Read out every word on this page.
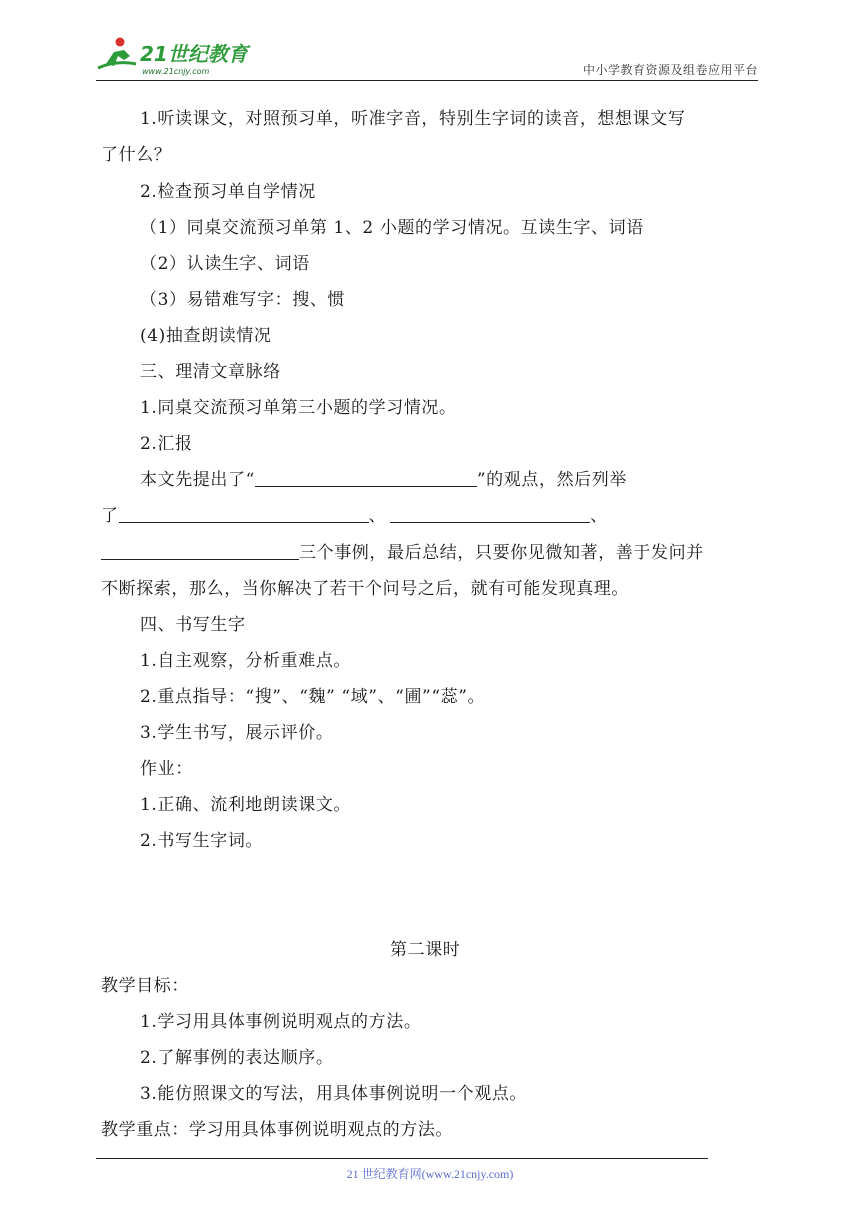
21世纪教育
www.21cnjy.com	中小学教育资源及组卷应用平台
1.听读课文，对照预习单，听准字音，特别生字词的读音，想想课文写
了什么？
2.检查预习单自学情况
（1）同桌交流预习单第 1、2 小题的学习情况。互读生字、词语
（2）认读生字、词语
（3）易错难写字：搜、惯
(4)抽查朗读情况
三、理清文章脉络
1.同桌交流预习单第三小题的学习情况。
2.汇报
本文先提出了“	”的观点，然后列举
了	、	、
三个事例，最后总结，只要你见微知著，善于发问并
不断探索，那么，当你解决了若干个问号之后，就有可能发现真理。
四、书写生字
1.自主观察，分析重难点。
2.重点指导：“搜”、“魏” “域”、“圃”“蕊”。
3.学生书写，展示评价。
作业：
1.正确、流利地朗读课文。
2.书写生字词。
第二课时
教学目标：
1.学习用具体事例说明观点的方法。
2.了解事例的表达顺序。
3.能仿照课文的写法，用具体事例说明一个观点。
教学重点：学习用具体事例说明观点的方法。
21 世纪教育网(www.21cnjy.com)
